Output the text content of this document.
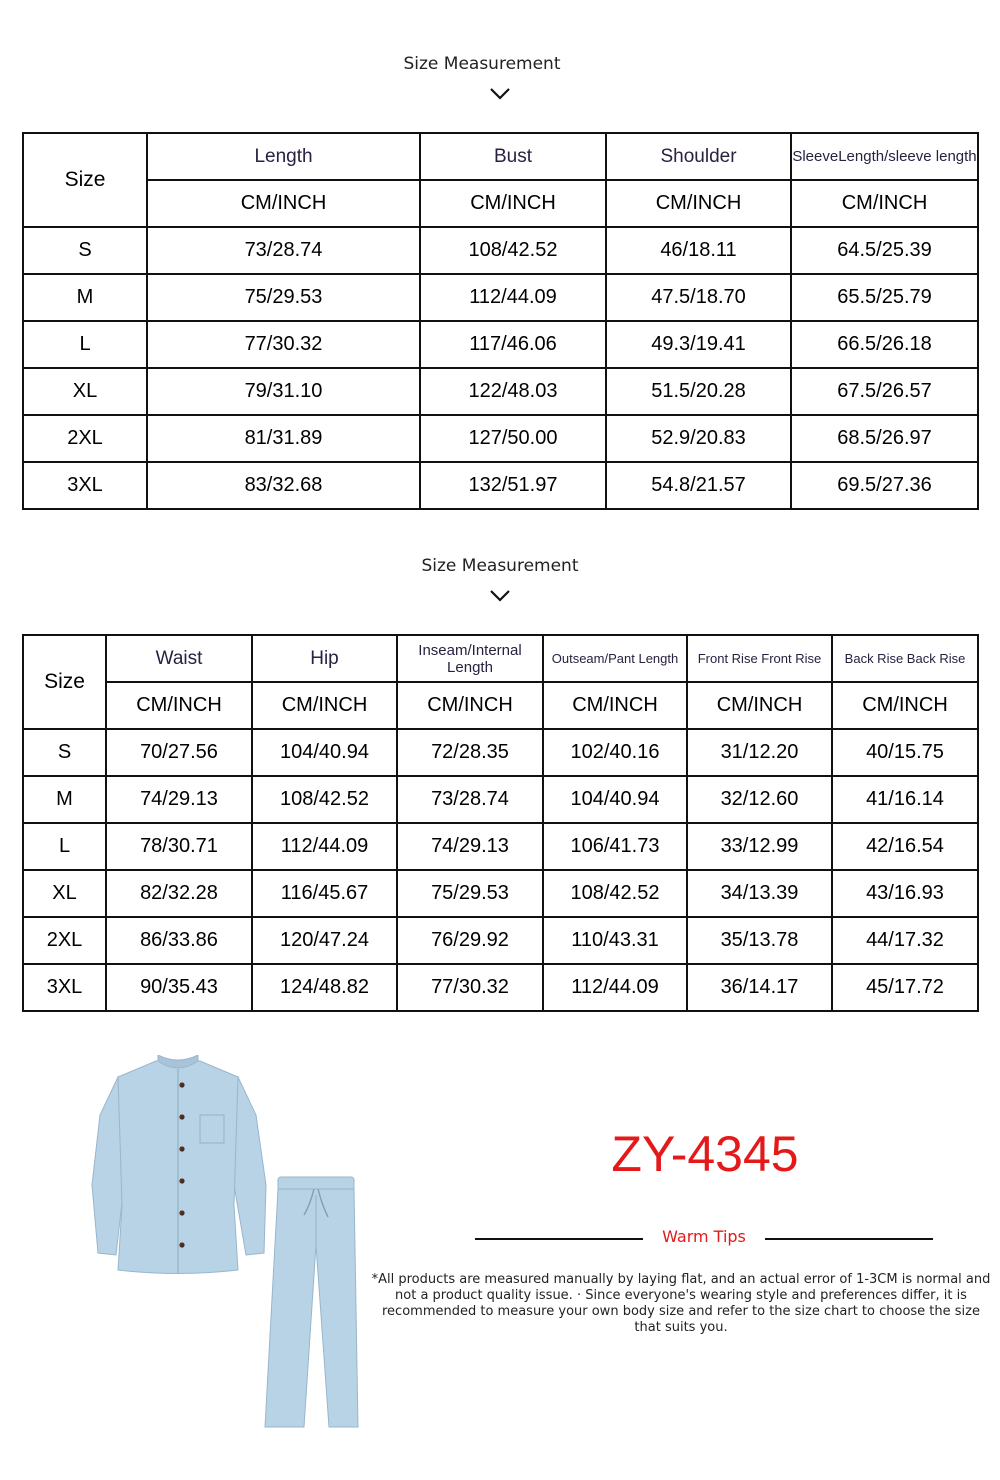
Size Measurement
Size	Length	Bust	Shoulder	SleeveLength/sleeve length
	CM/INCH	CM/INCH	CM/INCH	CM/INCH
S	73/28.74	108/42.52	46/18.11	64.5/25.39
M	75/29.53	112/44.09	47.5/18.70	65.5/25.79
L	77/30.32	117/46.06	49.3/19.41	66.5/26.18
XL	79/31.10	122/48.03	51.5/20.28	67.5/26.57
2XL	81/31.89	127/50.00	52.9/20.83	68.5/26.97
3XL	83/32.68	132/51.97	54.8/21.57	69.5/27.36
Size Measurement
Size	Waist	Hip	Inseam/Internal Length	Outseam/Pant Length	Front Rise Front Rise	Back Rise Back Rise
	CM/INCH	CM/INCH	CM/INCH	CM/INCH	CM/INCH	CM/INCH
S	70/27.56	104/40.94	72/28.35	102/40.16	31/12.20	40/15.75
M	74/29.13	108/42.52	73/28.74	104/40.94	32/12.60	41/16.14
L	78/30.71	112/44.09	74/29.13	106/41.73	33/12.99	42/16.54
XL	82/32.28	116/45.67	75/29.53	108/42.52	34/13.39	43/16.93
2XL	86/33.86	120/47.24	76/29.92	110/43.31	35/13.78	44/17.32
3XL	90/35.43	124/48.82	77/30.32	112/44.09	36/14.17	45/17.72
ZY-4345
Warm Tips
*All products are measured manually by laying flat, and an actual error of 1-3CM is normal and not a product quality issue. · Since everyone's wearing style and preferences differ, it is recommended to measure your own body size and refer to the size chart to choose the size that suits you.
